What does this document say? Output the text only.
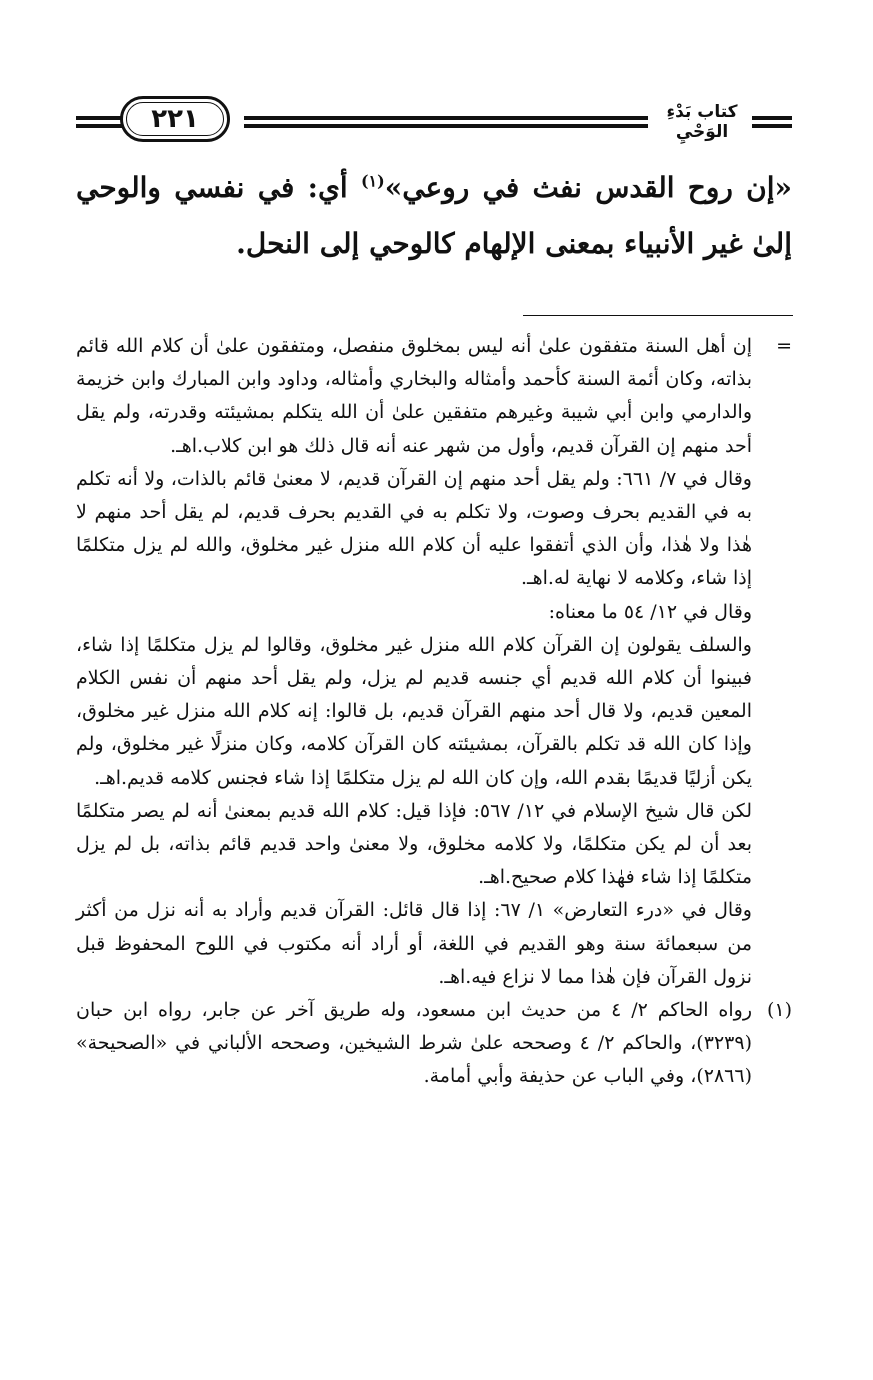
٢٢١	كتاب بَدْءِ الوَحْيِ
«إن روح القدس نفث في روعي»$^{(١)}$ أي: في نفسي والوحي إلىٰ غير الأنبياء بمعنى الإلهام كالوحي إلى النحل.
=

إن أهل السنة متفقون علىٰ أنه ليس بمخلوق منفصل، ومتفقون علىٰ أن كلام الله قائم بذاته، وكان أئمة السنة كأحمد وأمثاله والبخاري وأمثاله، وداود وابن المبارك وابن خزيمة والدارمي وابن أبي شيبة وغيرهم متفقين علىٰ أن الله يتكلم بمشيئته وقدرته، ولم يقل أحد منهم إن القرآن قديم، وأول من شهر عنه أنه قال ذلك هو ابن كلاب.اهـ.

وقال في ٧/ ٦٦١: ولم يقل أحد منهم إن القرآن قديم، لا معنىٰ قائم بالذات، ولا أنه تكلم به في القديم بحرف وصوت، ولا تكلم به في القديم بحرف قديم، لم يقل أحد منهم لا هٰذا ولا هٰذا، وأن الذي أتفقوا عليه أن كلام الله منزل غير مخلوق، والله لم يزل متكلمًا إذا شاء، وكلامه لا نهاية له.اهـ.

وقال في ١٢/ ٥٤ ما معناه:

والسلف يقولون إن القرآن كلام الله منزل غير مخلوق، وقالوا لم يزل متكلمًا إذا شاء، فبينوا أن كلام الله قديم أي جنسه قديم لم يزل، ولم يقل أحد منهم أن نفس الكلام المعين قديم، ولا قال أحد منهم القرآن قديم، بل قالوا: إنه كلام الله منزل غير مخلوق، وإذا كان الله قد تكلم بالقرآن، بمشيئته كان القرآن كلامه، وكان منزلًا غير مخلوق، ولم يكن أزليًا قديمًا بقدم الله، وإن كان الله لم يزل متكلمًا إذا شاء فجنس كلامه قديم.اهـ.

لكن قال شيخ الإسلام في ١٢/ ٥٦٧: فإذا قيل: كلام الله قديم بمعنىٰ أنه لم يصر متكلمًا بعد أن لم يكن متكلمًا، ولا كلامه مخلوق، ولا معنىٰ واحد قديم قائم بذاته، بل لم يزل متكلمًا إذا شاء فهٰذا كلام صحيح.اهـ.

وقال في «درء التعارض» ١/ ٦٧: إذا قال قائل: القرآن قديم وأراد به أنه نزل من أكثر من سبعمائة سنة وهو القديم في اللغة، أو أراد أنه مكتوب في اللوح المحفوظ قبل نزول القرآن فإن هٰذا مما لا نزاع فيه.اهـ.

(١)

رواه الحاكم ٢/ ٤ من حديث ابن مسعود، وله طريق آخر عن جابر، رواه ابن حبان (٣٢٣٩)، والحاكم ٢/ ٤ وصححه علىٰ شرط الشيخين، وصححه الألباني في «الصحيحة» (٢٨٦٦)، وفي الباب عن حذيفة وأبي أمامة.
